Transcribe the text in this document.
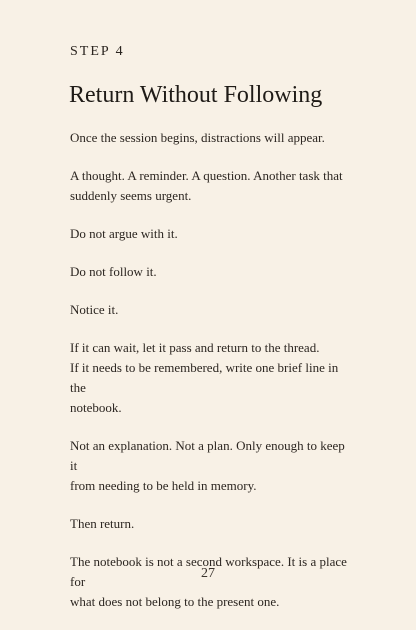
STEP 4
Return Without Following

Once the session begins, distractions will appear.

A thought. A reminder. A question. Another task that
suddenly seems urgent.

Do not argue with it.

Do not follow it.

Notice it.

If it can wait, let it pass and return to the thread.
If it needs to be remembered, write one brief line in the
notebook.

Not an explanation. Not a plan. Only enough to keep it
from needing to be held in memory.

Then return.

The notebook is not a second workspace. It is a place for
what does not belong to the present one.

27
